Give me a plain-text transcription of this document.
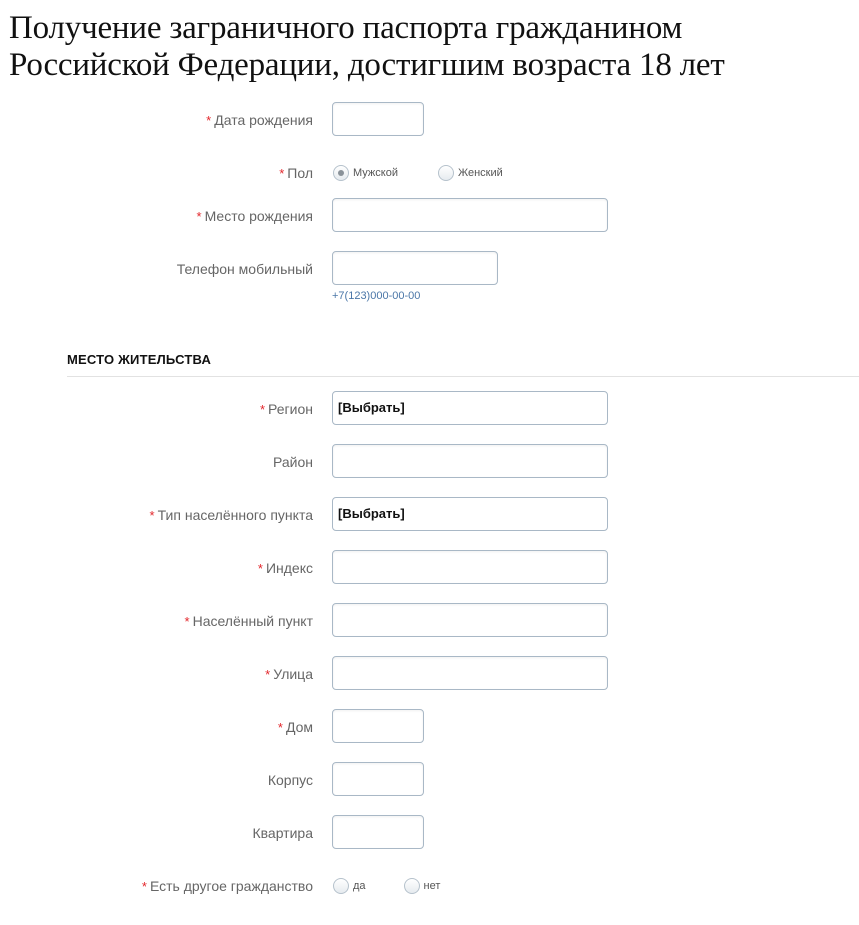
Получение заграничного паспорта гражданином
Российской Федерации, достигшим возраста 18 лет
* Дата рождения
* Пол	Мужской	Женский
* Место рождения
Телефон мобильный
+7(123)000-00-00
МЕСТО ЖИТЕЛЬСТВА
* Регион	[Выбрать]
Район
* Тип населённого пункта	[Выбрать]
* Индекс
* Населённый пункт
* Улица
* Дом
Корпус
Квартира
* Есть другое гражданство	да	нет
